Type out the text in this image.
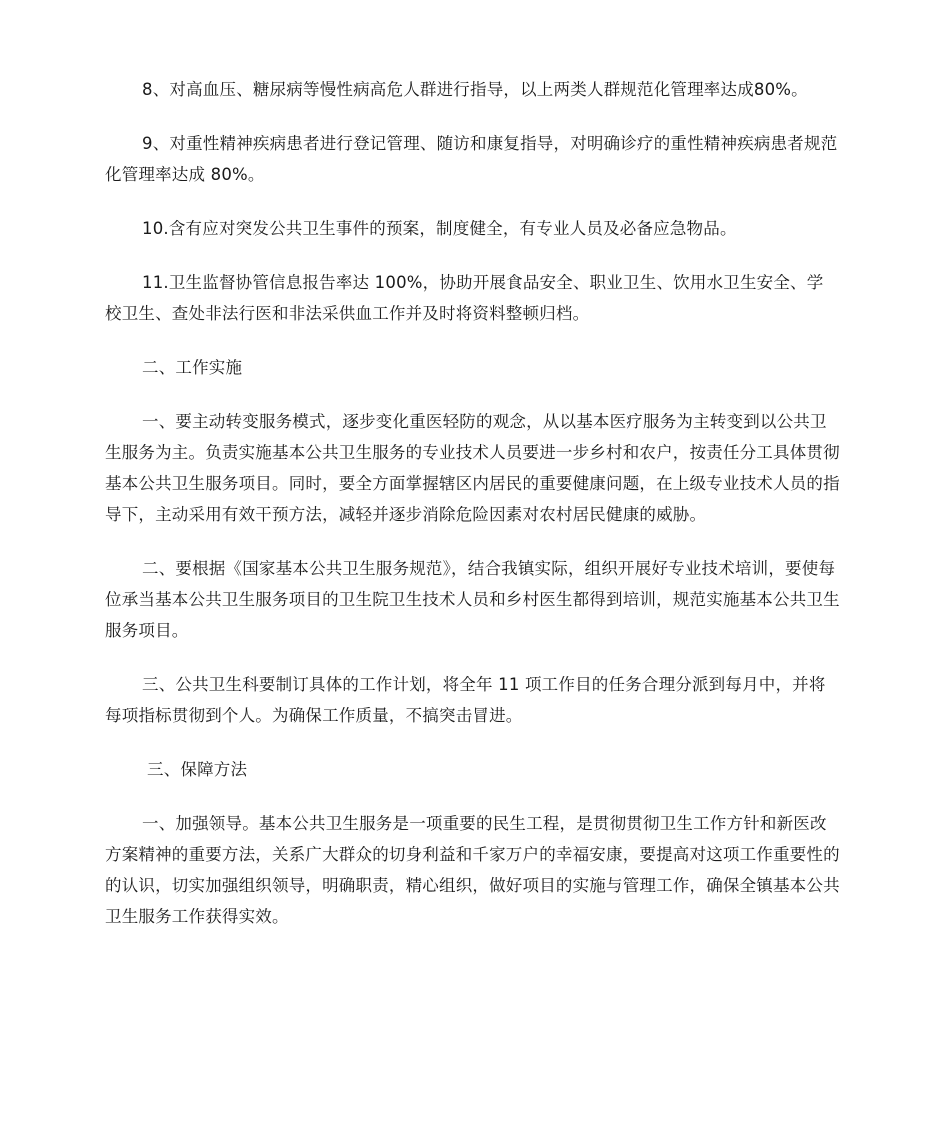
8、对高血压、糖尿病等慢性病高危人群进行指导，以上两类人群规范化管理率达成80%。

9、对重性精神疾病患者进行登记管理、随访和康复指导，对明确诊疗的重性精神疾病患者规范化管理率达成 80%。

10.含有应对突发公共卫生事件的预案，制度健全，有专业人员及必备应急物品。

11.卫生监督协管信息报告率达 100%，协助开展食品安全、职业卫生、饮用水卫生安全、学校卫生、查处非法行医和非法采供血工作并及时将资料整顿归档。

二、工作实施

一、要主动转变服务模式，逐步变化重医轻防的观念，从以基本医疗服务为主转变到以公共卫生服务为主。负责实施基本公共卫生服务的专业技术人员要进一步乡村和农户，按责任分工具体贯彻基本公共卫生服务项目。同时，要全方面掌握辖区内居民的重要健康问题，在上级专业技术人员的指导下，主动采用有效干预方法，减轻并逐步消除危险因素对农村居民健康的威胁。

二、要根据《国家基本公共卫生服务规范》，结合我镇实际，组织开展好专业技术培训，要使每位承当基本公共卫生服务项目的卫生院卫生技术人员和乡村医生都得到培训，规范实施基本公共卫生服务项目。

三、公共卫生科要制订具体的工作计划，将全年 11 项工作目的任务合理分派到每月中，并将每项指标贯彻到个人。为确保工作质量，不搞突击冒进。

三、保障方法

一、加强领导。基本公共卫生服务是一项重要的民生工程，是贯彻贯彻卫生工作方针和新医改方案精神的重要方法，关系广大群众的切身利益和千家万户的幸福安康，要提高对这项工作重要性的的认识，切实加强组织领导，明确职责，精心组织，做好项目的实施与管理工作，确保全镇基本公共卫生服务工作获得实效。
